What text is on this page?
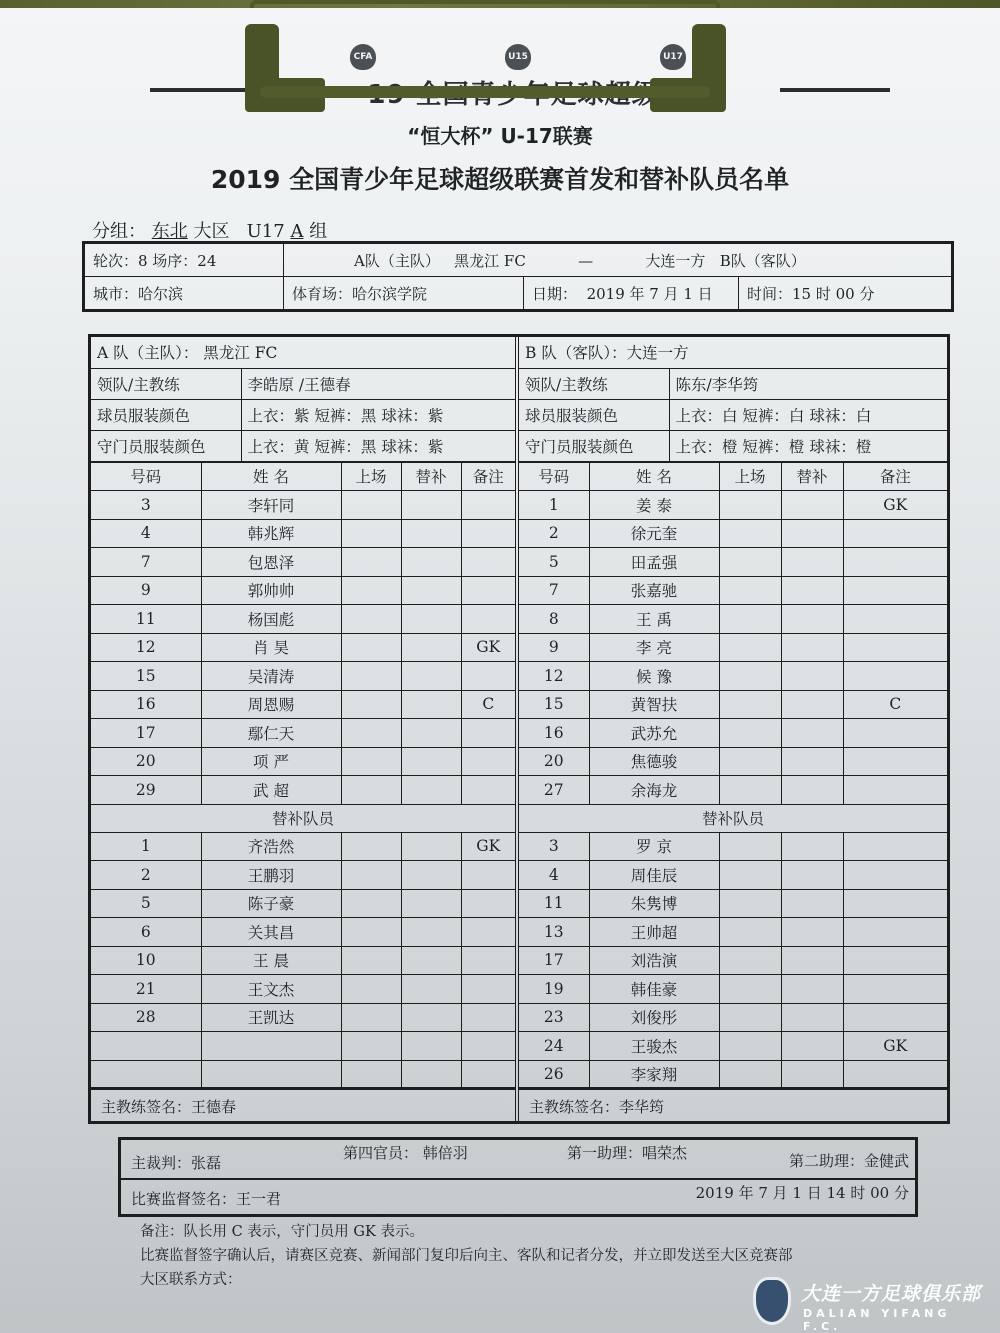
CFA	U15	U17
“恒大杯” U-17联赛
2019 全国青少年足球超级联赛首发和替补队员名单
分组： 东北 大区 U17 A 组
轮次：8 场序：24	A队（主队） 黑龙江 FC — 大连一方 B队（客队）		
城市：哈尔滨	体育场：哈尔滨学院	日期： 2019 年 7 月 1 日	时间：15 时 00 分
A 队（主队）： 黑龙江 FC	
领队/主教练	李皓原 /王德春
球员服装颜色	上衣：紫 短裤：黑 球袜：紫
守门员服装颜色	上衣：黄 短裤：黑 球袜：紫
号码	姓 名	上场	替补	备注
3	李轩同			
4	韩兆辉			
7	包恩泽			
9	郭帅帅			
11	杨国彪			
12	肖 昊			GK
15	吴清涛			
16	周恩赐			C
17	鄢仁天			
20	项 严			
29	武 超			
替补队员				
1	齐浩然			GK
2	王鹏羽			
5	陈子豪			
6	关其昌			
10	王 晨			
21	王文杰			
28	王凯达			

主教练签名：王德春
B 队（客队）：大连一方	
领队/主教练	陈东/李华筠
球员服装颜色	上衣：白 短裤：白 球袜：白
守门员服装颜色	上衣：橙 短裤：橙 球袜：橙
号码	姓 名	上场	替补	备注
1	姜 泰			GK
2	徐元奎			
5	田孟强			
7	张嘉驰			
8	王 禹			
9	李 亮			
12	候 豫			
15	黄智扶			C
16	武苏允			
20	焦德骏			
27	余海龙			
替补队员				
3	罗 京			
4	周佳辰			
11	朱隽博			
13	王帅超			
17	刘浩演			
19	韩佳豪			
23	刘俊彤			
24	王骏杰			GK
26	李家翔			
主教练签名：李华筠
主裁判：张磊
第四官员： 韩倍羽	第一助理：唱荣杰	第二助理：金健武
比赛监督签名：王一君	2019 年 7 月 1 日 14 时 00 分
备注：队长用 C 表示，守门员用 GK 表示。
比赛监督签字确认后，请赛区竞赛、新闻部门复印后向主、客队和记者分发，并立即发送至大区竞赛部
大区联系方式：
大连一方足球俱乐部
DALIAN YIFANG F.C.
